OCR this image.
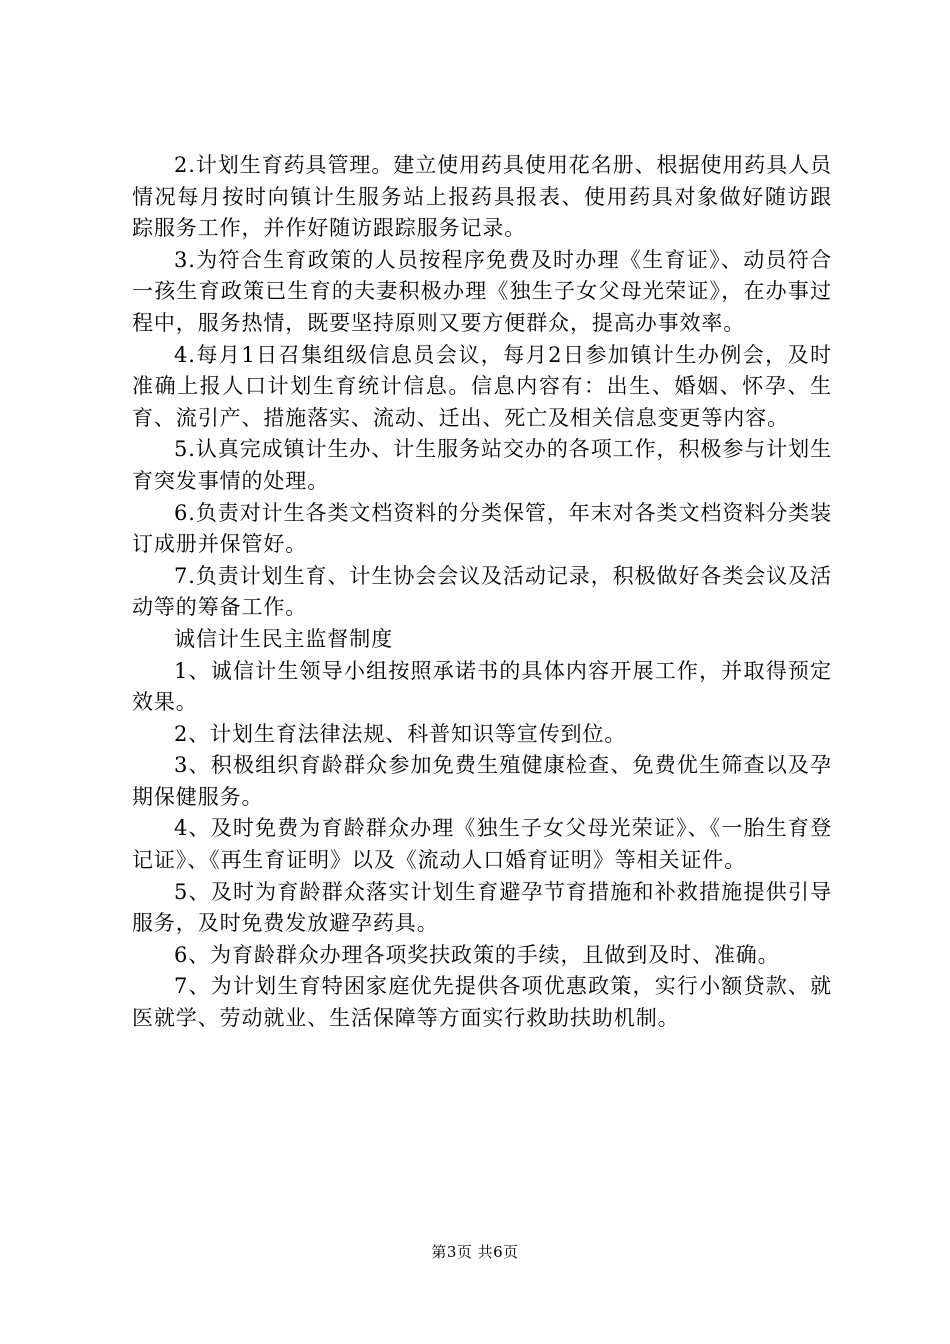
2.计划生育药具管理。建立使用药具使用花名册、根据使用药具人员情况每月按时向镇计生服务站上报药具报表、使用药具对象做好随访跟踪服务工作，并作好随访跟踪服务记录。

3.为符合生育政策的人员按程序免费及时办理《生育证》、动员符合一孩生育政策已生育的夫妻积极办理《独生子女父母光荣证》，在办事过程中，服务热情，既要坚持原则又要方便群众，提高办事效率。

4.每月1日召集组级信息员会议，每月2日参加镇计生办例会，及时准确上报人口计划生育统计信息。信息内容有：出生、婚姻、怀孕、生育、流引产、措施落实、流动、迁出、死亡及相关信息变更等内容。

5.认真完成镇计生办、计生服务站交办的各项工作，积极参与计划生育突发事情的处理。

6.负责对计生各类文档资料的分类保管，年末对各类文档资料分类装订成册并保管好。

7.负责计划生育、计生协会会议及活动记录，积极做好各类会议及活动等的筹备工作。

诚信计生民主监督制度

1、诚信计生领导小组按照承诺书的具体内容开展工作，并取得预定效果。

2、计划生育法律法规、科普知识等宣传到位。

3、积极组织育龄群众参加免费生殖健康检查、免费优生筛查以及孕期保健服务。

4、及时免费为育龄群众办理《独生子女父母光荣证》、《一胎生育登记证》、《再生育证明》以及《流动人口婚育证明》等相关证件。

5、及时为育龄群众落实计划生育避孕节育措施和补救措施提供引导服务，及时免费发放避孕药具。

6、为育龄群众办理各项奖扶政策的手续，且做到及时、准确。

7、为计划生育特困家庭优先提供各项优惠政策，实行小额贷款、就医就学、劳动就业、生活保障等方面实行救助扶助机制。

第3页 共6页
